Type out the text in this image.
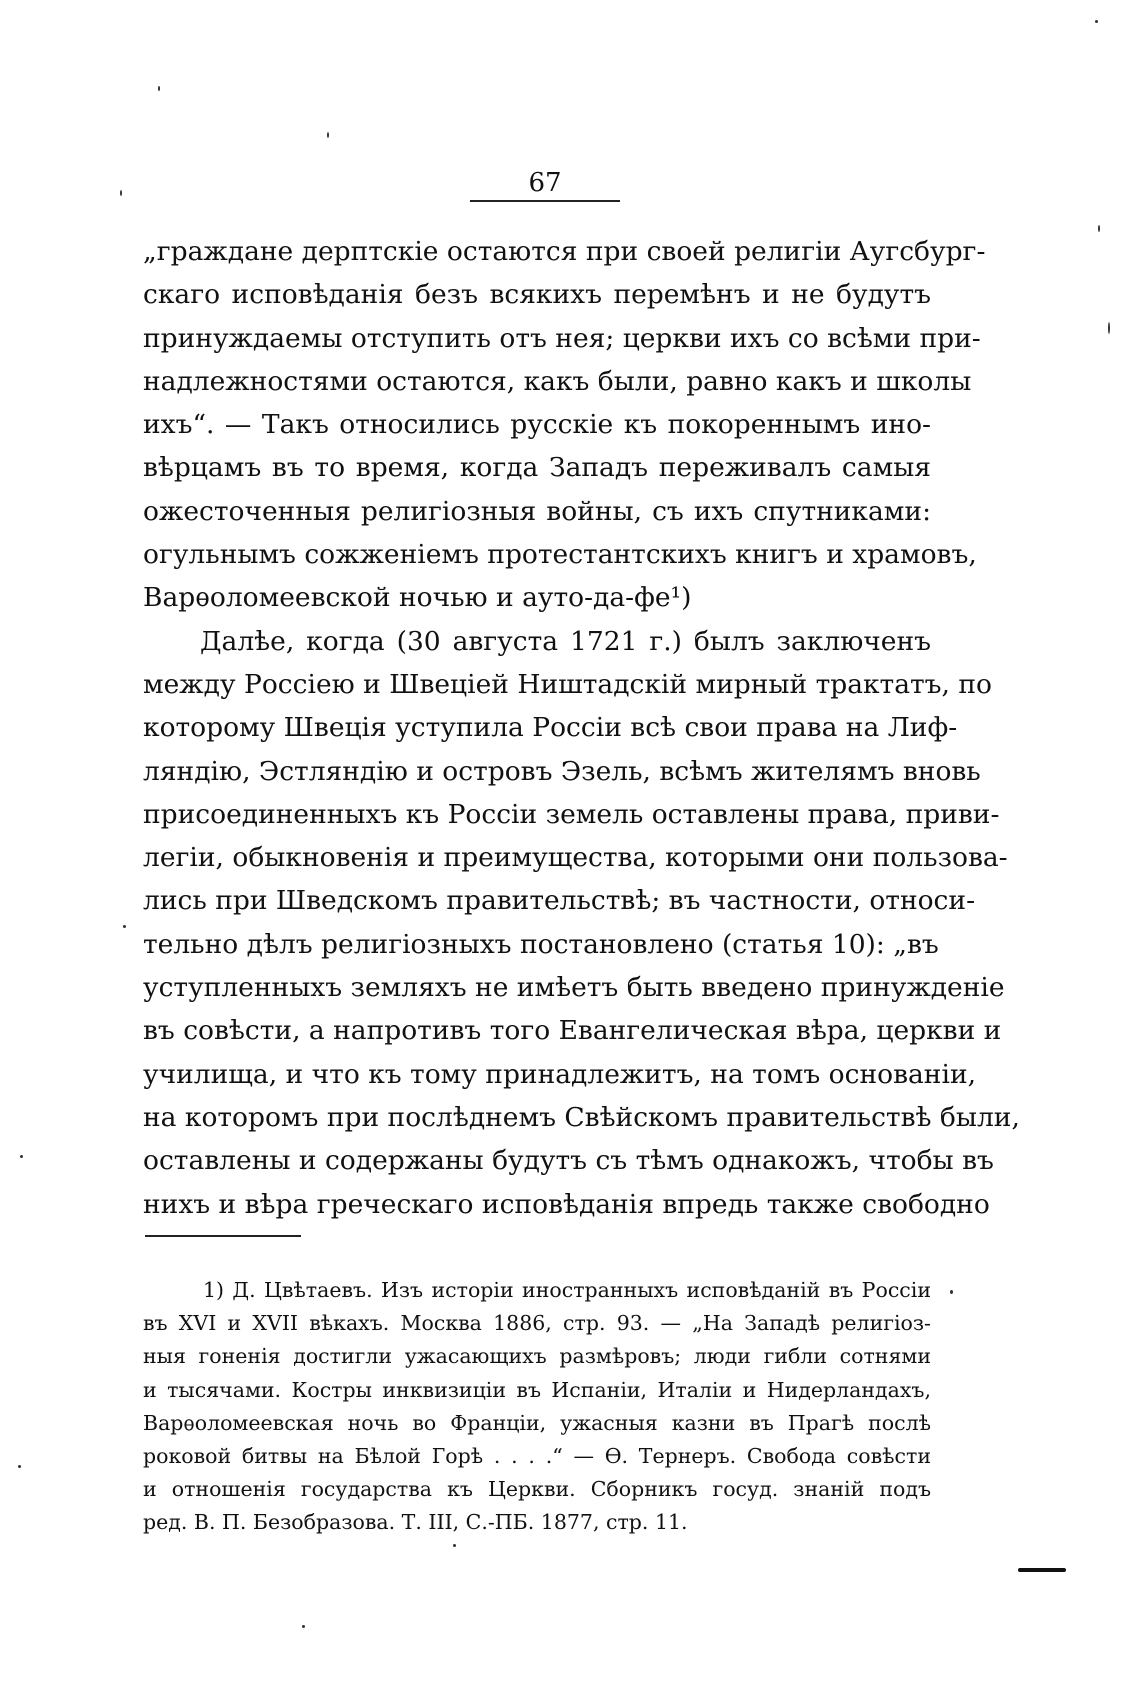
67
„граждане дерптскіе остаются при своей религіи Аугсбург-
скаго исповѣданія безъ всякихъ перемѣнъ и не будутъ
принуждаемы отступить отъ нея; церкви ихъ со всѣми при-
надлежностями остаются, какъ были, равно какъ и школы
ихъ“. — Такъ относились русскіе къ покореннымъ ино-
вѣрцамъ въ то время, когда Западъ переживалъ самыя
ожесточенныя религіозныя войны, съ ихъ спутниками:
огульнымъ сожженіемъ протестантскихъ книгъ и храмовъ,
Варѳоломеевской ночью и ауто-да-фе¹)
Далѣе, когда (30 августа 1721 г.) былъ заключенъ
между Россіею и Швеціей Ништадскій мирный трактатъ, по
которому Швеція уступила Россіи всѣ свои права на Лиф-
ляндію, Эстляндію и островъ Эзель, всѣмъ жителямъ вновь
присоединенныхъ къ Россіи земель оставлены права, приви-
легіи, обыкновенія и преимущества, которыми они пользова-
лись при Шведскомъ правительствѣ; въ частности, относи-
тельно дѣлъ религіозныхъ постановлено (статья 10): „въ
уступленныхъ земляхъ не имѣетъ быть введено принужденіе
въ совѣсти, а напротивъ того Евангелическая вѣра, церкви и
училища, и что къ тому принадлежитъ, на томъ основаніи,
на которомъ при послѣднемъ Свѣйскомъ правительствѣ были,
оставлены и содержаны будутъ съ тѣмъ однакожъ, чтобы въ
нихъ и вѣра греческаго исповѣданія впредь также свободно
1) Д. Цвѣтаевъ. Изъ исторіи иностранныхъ исповѣданій въ Россіи
въ XVI и XVII вѣкахъ. Москва 1886, стр. 93. — „На Западѣ религіоз-
ныя гоненія достигли ужасающихъ размѣровъ; люди гибли сотнями
и тысячами. Костры инквизиціи въ Испаніи, Италіи и Нидерландахъ,
Варѳоломеевская ночь во Франціи, ужасныя казни въ Прагѣ послѣ
роковой битвы на Бѣлой Горѣ . . . .“ — Ѳ. Тернеръ. Свобода совѣсти
и отношенія государства къ Церкви. Сборникъ госуд. знаній подъ
ред. В. П. Безобразова. Т. III, С.-ПБ. 1877, стр. 11.
